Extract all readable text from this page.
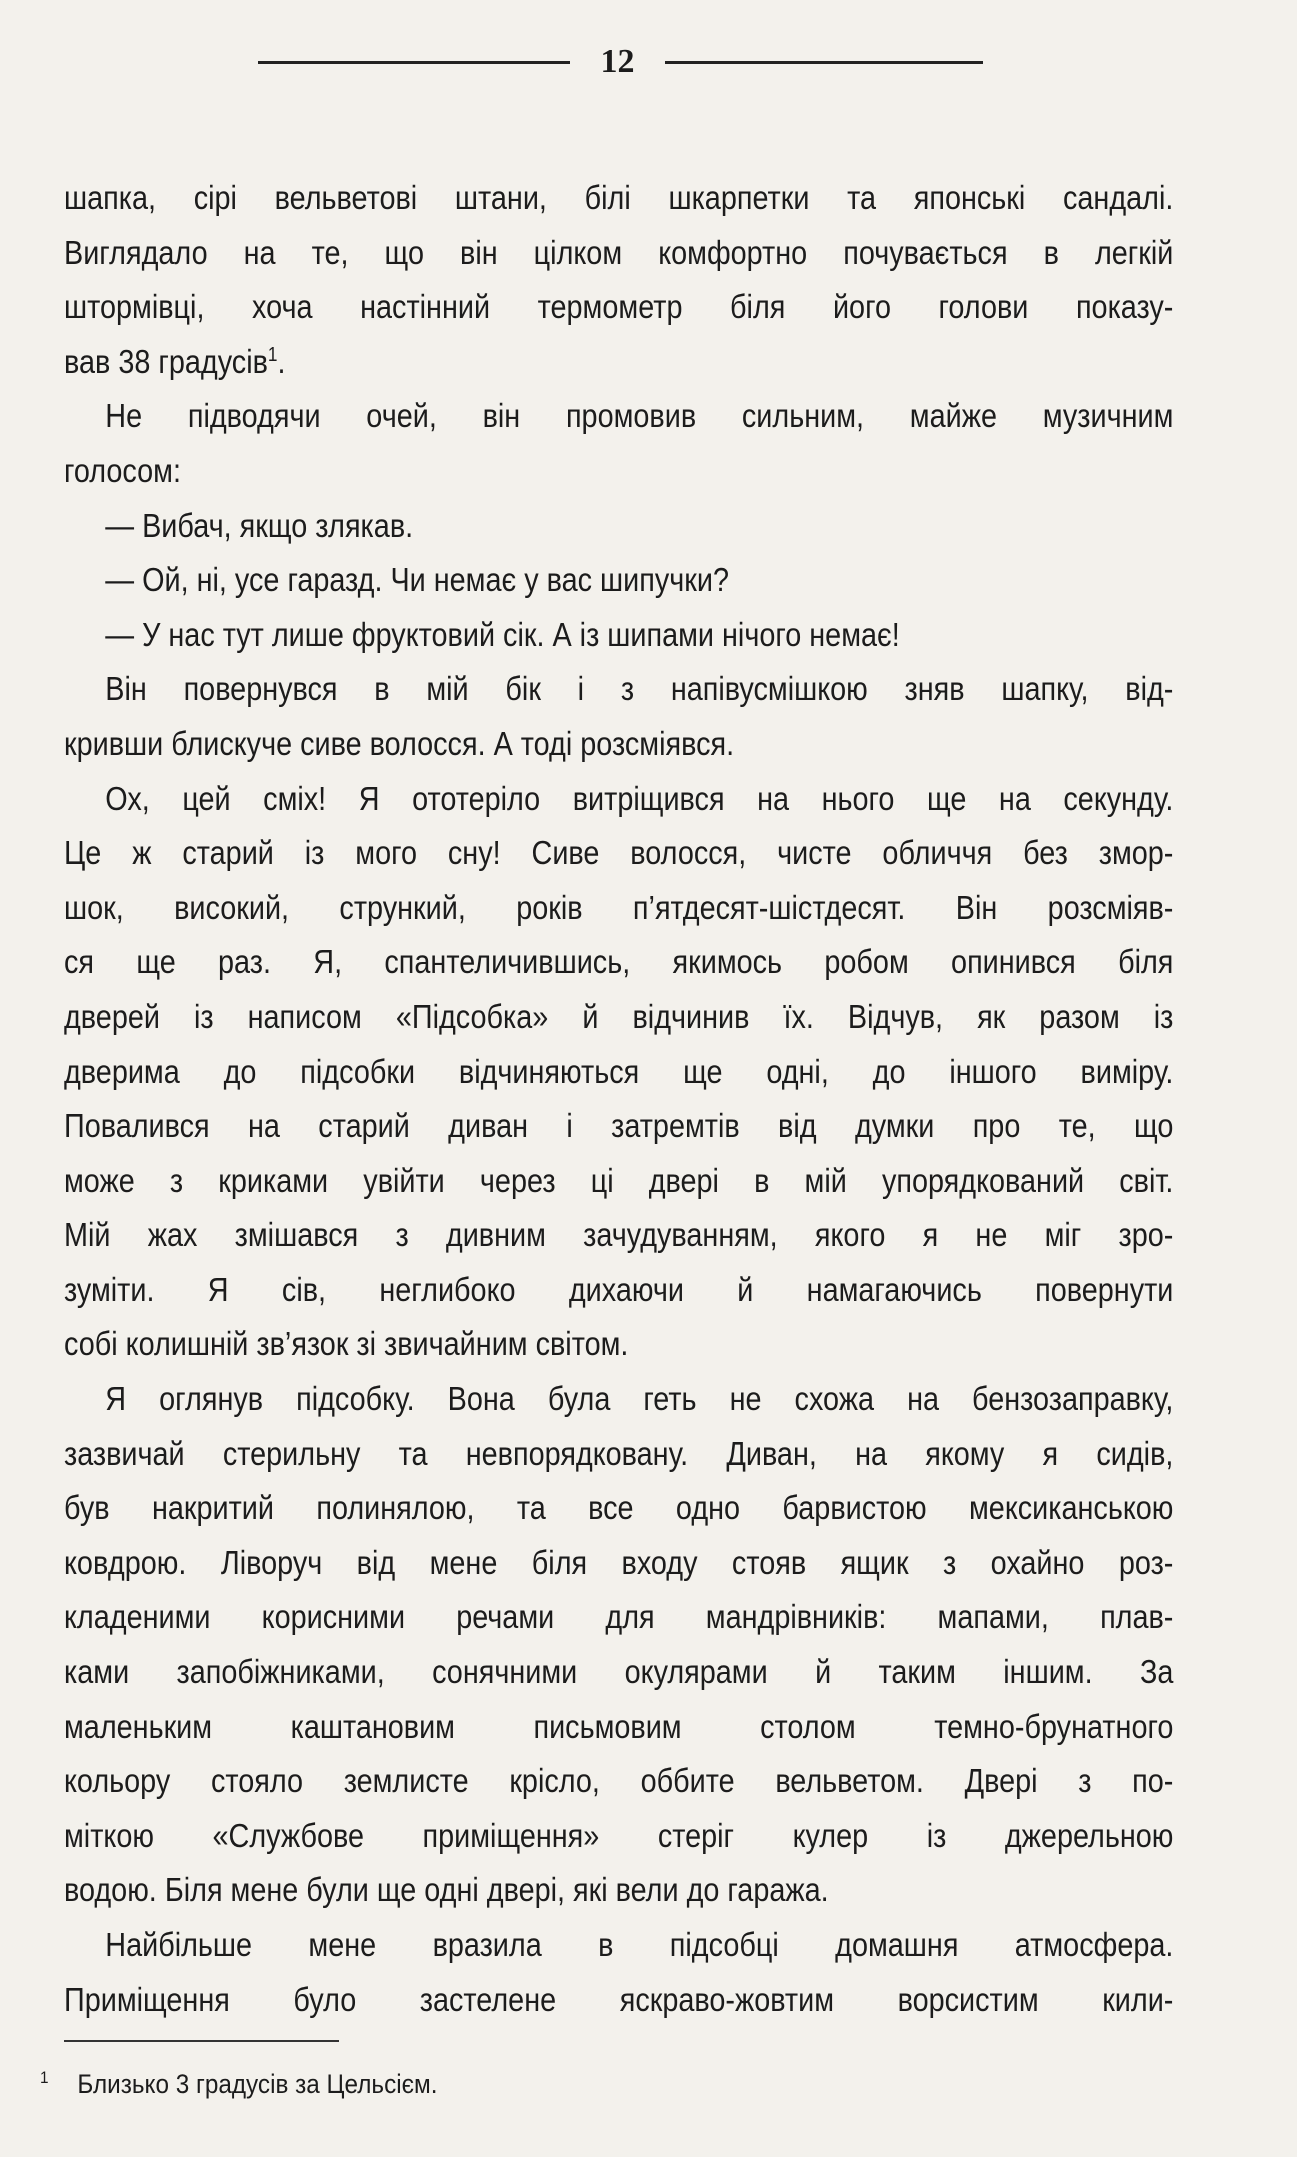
12
шапка, сірі вельветові штани, білі шкарпетки та японські сандалі.
Виглядало на те, що він цілком комфортно почувається в легкій
штормівці, хоча настінний термометр біля його голови показу-
вав 38 градусів$^1$.
Не підводячи очей, він промовив сильним, майже музичним
голосом:
— Вибач, якщо злякав.
— Ой, ні, усе гаразд. Чи немає у вас шипучки?
— У нас тут лише фруктовий сік. А із шипами нічого немає!
Він повернувся в мій бік і з напівусмішкою зняв шапку, від-
кривши блискуче сиве волосся. А тоді розсміявся.
Ох, цей сміх! Я ототеріло витріщився на нього ще на секунду.
Це ж старий із мого сну! Сиве волосся, чисте обличчя без змор-
шок, високий, стрункий, років п’ятдесят-шістдесят. Він розсміяв-
ся ще раз. Я, спантеличившись, якимось робом опинився біля
дверей із написом «Підсобка» й відчинив їх. Відчув, як разом із
дверима до підсобки відчиняються ще одні, до іншого виміру.
Повалився на старий диван і затремтів від думки про те, що
може з криками увійти через ці двері в мій упорядкований світ.
Мій жах змішався з дивним зачудуванням, якого я не міг зро-
зуміти. Я сів, неглибоко дихаючи й намагаючись повернути
собі колишній зв’язок зі звичайним світом.
Я оглянув підсобку. Вона була геть не схожа на бензозаправку,
зазвичай стерильну та невпорядковану. Диван, на якому я сидів,
був накритий полинялою, та все одно барвистою мексиканською
ковдрою. Ліворуч від мене біля входу стояв ящик з охайно роз-
кладеними корисними речами для мандрівників: мапами, плав-
ками запобіжниками, сонячними окулярами й таким іншим. За
маленьким каштановим письмовим столом темно-брунатного
кольору стояло землисте крісло, оббите вельветом. Двері з по-
міткою «Службове приміщення» стеріг кулер із джерельною
водою. Біля мене були ще одні двері, які вели до гаража.
Найбільше мене вразила в підсобці домашня атмосфера.
Приміщення було застелене яскраво-жовтим ворсистим кили-
$^1$ Близько 3 градусів за Цельсієм.
